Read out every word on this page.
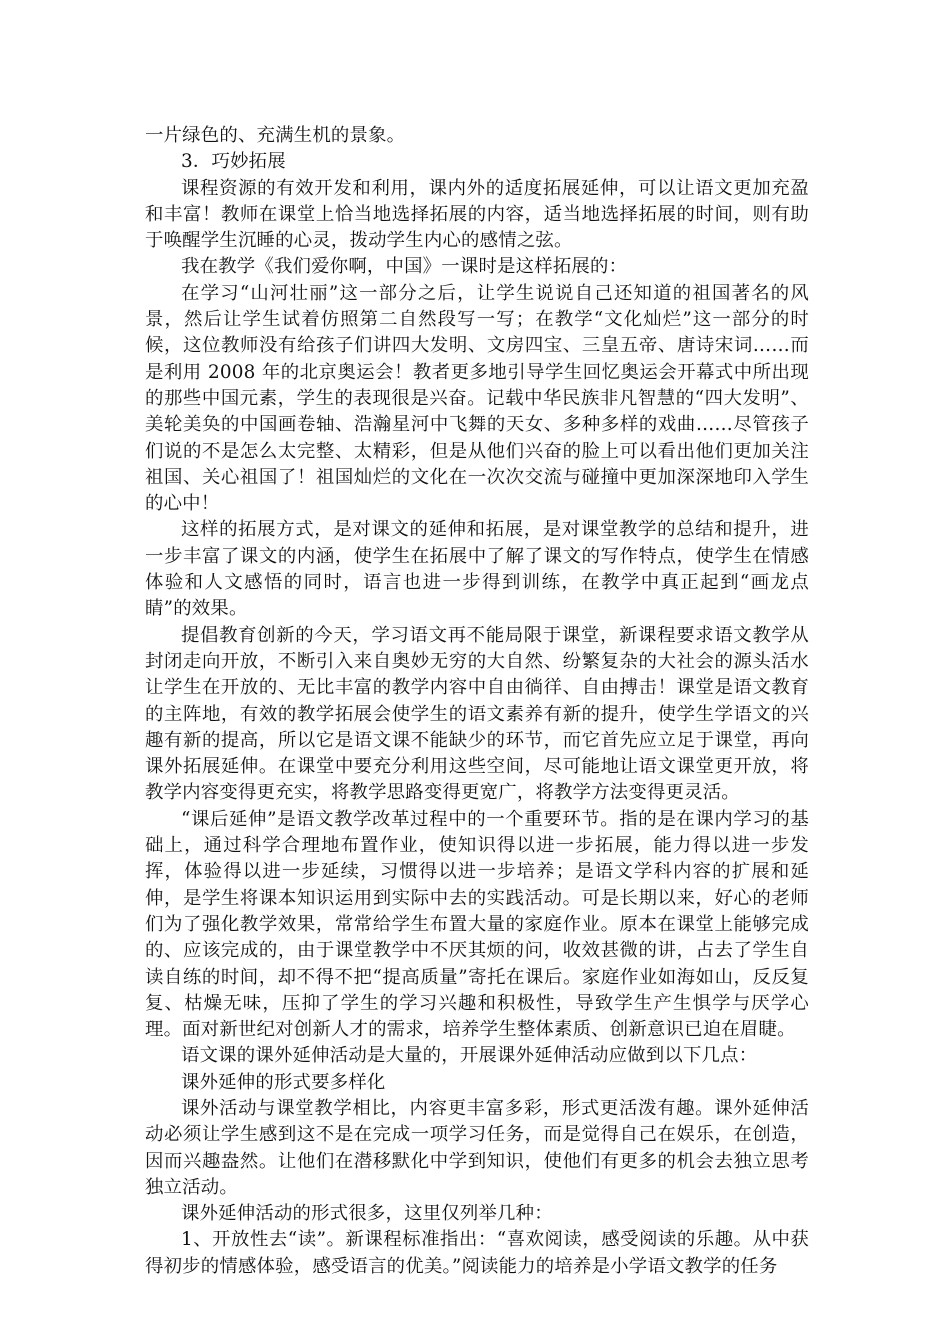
一片绿色的、充满生机的景象。

3．巧妙拓展

课程资源的有效开发和利用，课内外的适度拓展延伸，可以让语文更加充盈和丰富！教师在课堂上恰当地选择拓展的内容，适当地选择拓展的时间，则有助于唤醒学生沉睡的心灵，拨动学生内心的感情之弦。

我在教学《我们爱你啊，中国》一课时是这样拓展的：

在学习“山河壮丽”这一部分之后，让学生说说自己还知道的祖国著名的风景，然后让学生试着仿照第二自然段写一写；在教学“文化灿烂”这一部分的时候，这位教师没有给孩子们讲四大发明、文房四宝、三皇五帝、唐诗宋词……而是利用 2008 年的北京奥运会！教者更多地引导学生回忆奥运会开幕式中所出现的那些中国元素，学生的表现很是兴奋。记载中华民族非凡智慧的“四大发明”、美轮美奂的中国画卷轴、浩瀚星河中飞舞的天女、多种多样的戏曲……尽管孩子们说的不是怎么太完整、太精彩，但是从他们兴奋的脸上可以看出他们更加关注祖国、关心祖国了！祖国灿烂的文化在一次次交流与碰撞中更加深深地印入学生的心中！

这样的拓展方式，是对课文的延伸和拓展，是对课堂教学的总结和提升，进一步丰富了课文的内涵，使学生在拓展中了解了课文的写作特点，使学生在情感体验和人文感悟的同时，语言也进一步得到训练，在教学中真正起到“画龙点睛”的效果。

提倡教育创新的今天，学习语文再不能局限于课堂，新课程要求语文教学从封闭走向开放，不断引入来自奥妙无穷的大自然、纷繁复杂的大社会的源头活水让学生在开放的、无比丰富的教学内容中自由徜徉、自由搏击！课堂是语文教育的主阵地，有效的教学拓展会使学生的语文素养有新的提升，使学生学语文的兴趣有新的提高，所以它是语文课不能缺少的环节，而它首先应立足于课堂，再向课外拓展延伸。在课堂中要充分利用这些空间，尽可能地让语文课堂更开放，将教学内容变得更充实，将教学思路变得更宽广，将教学方法变得更灵活。

“课后延伸”是语文教学改革过程中的一个重要环节。指的是在课内学习的基础上，通过科学合理地布置作业，使知识得以进一步拓展，能力得以进一步发挥，体验得以进一步延续，习惯得以进一步培养；是语文学科内容的扩展和延伸，是学生将课本知识运用到实际中去的实践活动。可是长期以来，好心的老师们为了强化教学效果，常常给学生布置大量的家庭作业。原本在课堂上能够完成的、应该完成的，由于课堂教学中不厌其烦的问，收效甚微的讲，占去了学生自读自练的时间，却不得不把“提高质量”寄托在课后。家庭作业如海如山，反反复复、枯燥无味，压抑了学生的学习兴趣和积极性，导致学生产生惧学与厌学心理。面对新世纪对创新人才的需求，培养学生整体素质、创新意识已迫在眉睫。

语文课的课外延伸活动是大量的，开展课外延伸活动应做到以下几点：

课外延伸的形式要多样化

课外活动与课堂教学相比，内容更丰富多彩，形式更活泼有趣。课外延伸活动必须让学生感到这不是在完成一项学习任务，而是觉得自己在娱乐，在创造，因而兴趣盎然。让他们在潜移默化中学到知识，使他们有更多的机会去独立思考独立活动。

课外延伸活动的形式很多，这里仅列举几种：

1、开放性去“读”。新课程标准指出：“喜欢阅读，感受阅读的乐趣。从中获得初步的情感体验，感受语言的优美。”阅读能力的培养是小学语文教学的任务
